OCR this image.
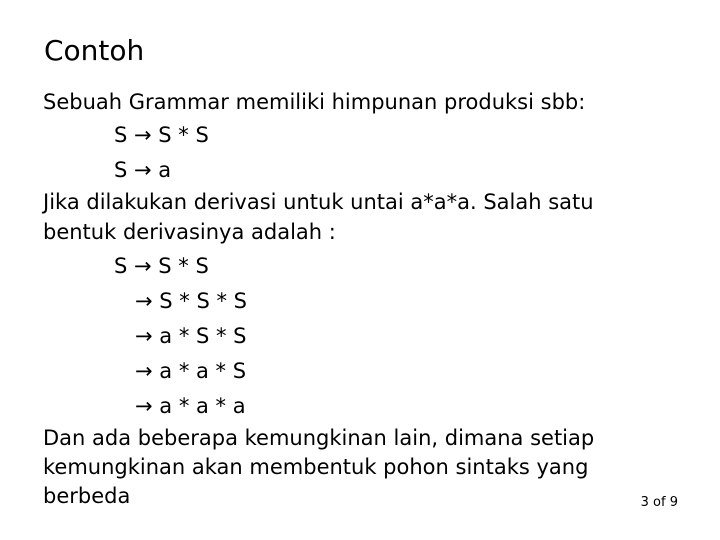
Contoh
Sebuah Grammar memiliki himpunan produksi sbb:
S → S * S
S → a
Jika dilakukan derivasi untuk untai a*a*a. Salah satu
bentuk derivasinya adalah :
S → S * S
→ S * S * S
→ a * S * S
→ a * a * S
→ a * a * a
Dan ada beberapa kemungkinan lain, dimana setiap
kemungkinan akan membentuk pohon sintaks yang
berbeda	3 of 9
